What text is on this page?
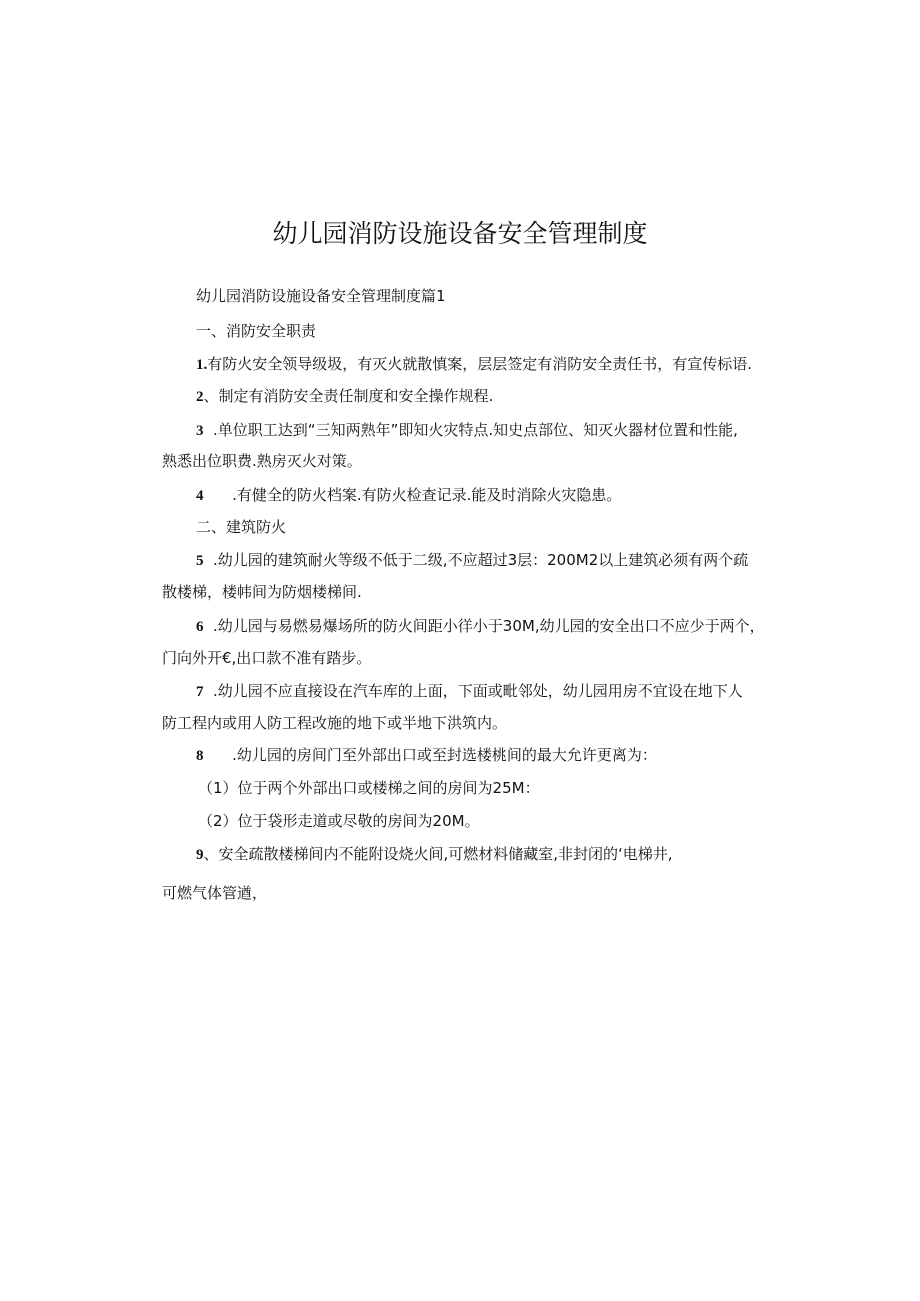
幼儿园消防设施设备安全管理制度
幼儿园消防设施设备安全管理制度篇1
一、消防安全职责
1.有防火安全领导级圾，有灭火就散慎案，层层签定有消防安全责任书，有宣传标语.
2、制定有消防安全责任制度和安全操作规程.
3  .单位职工达到“三知两熟年”即知火灾特点.知史点部位、知灭火器材位置和性能,
熟悉出位职费.熟房灭火对策。
4      .有健全的防火档案.有防火检查记录.能及时消除火灾隐患。
二、建筑防火
5  .幼儿园的建筑耐火等级不低于二级,不应超过3层：200M2以上建筑必须有两个疏
散楼梯，楼帏间为防烟楼梯间.
6  .幼儿园与易燃易爆场所的防火间距小徉小于30M,幼儿园的安全出口不应少于两个，
门向外开€,出口款不准有踏步。
7  .幼儿园不应直接设在汽车库的上面，下面或毗邻处，幼儿园用房不宜设在地下人
防工程内或用人防工程改施的地下或半地下洪筑内。
8      .幼儿园的房间门至外部出口或至封选楼桃间的最大允许更离为：
（1）位于两个外部出口或楼梯之间的房间为25M：
（2）位于袋形走道或尽敬的房间为20M。
9、安全疏散楼梯间内不能附设烧火间,可燃材料储藏室,非封闭的‘电梯井,
可燃气体管遒，
